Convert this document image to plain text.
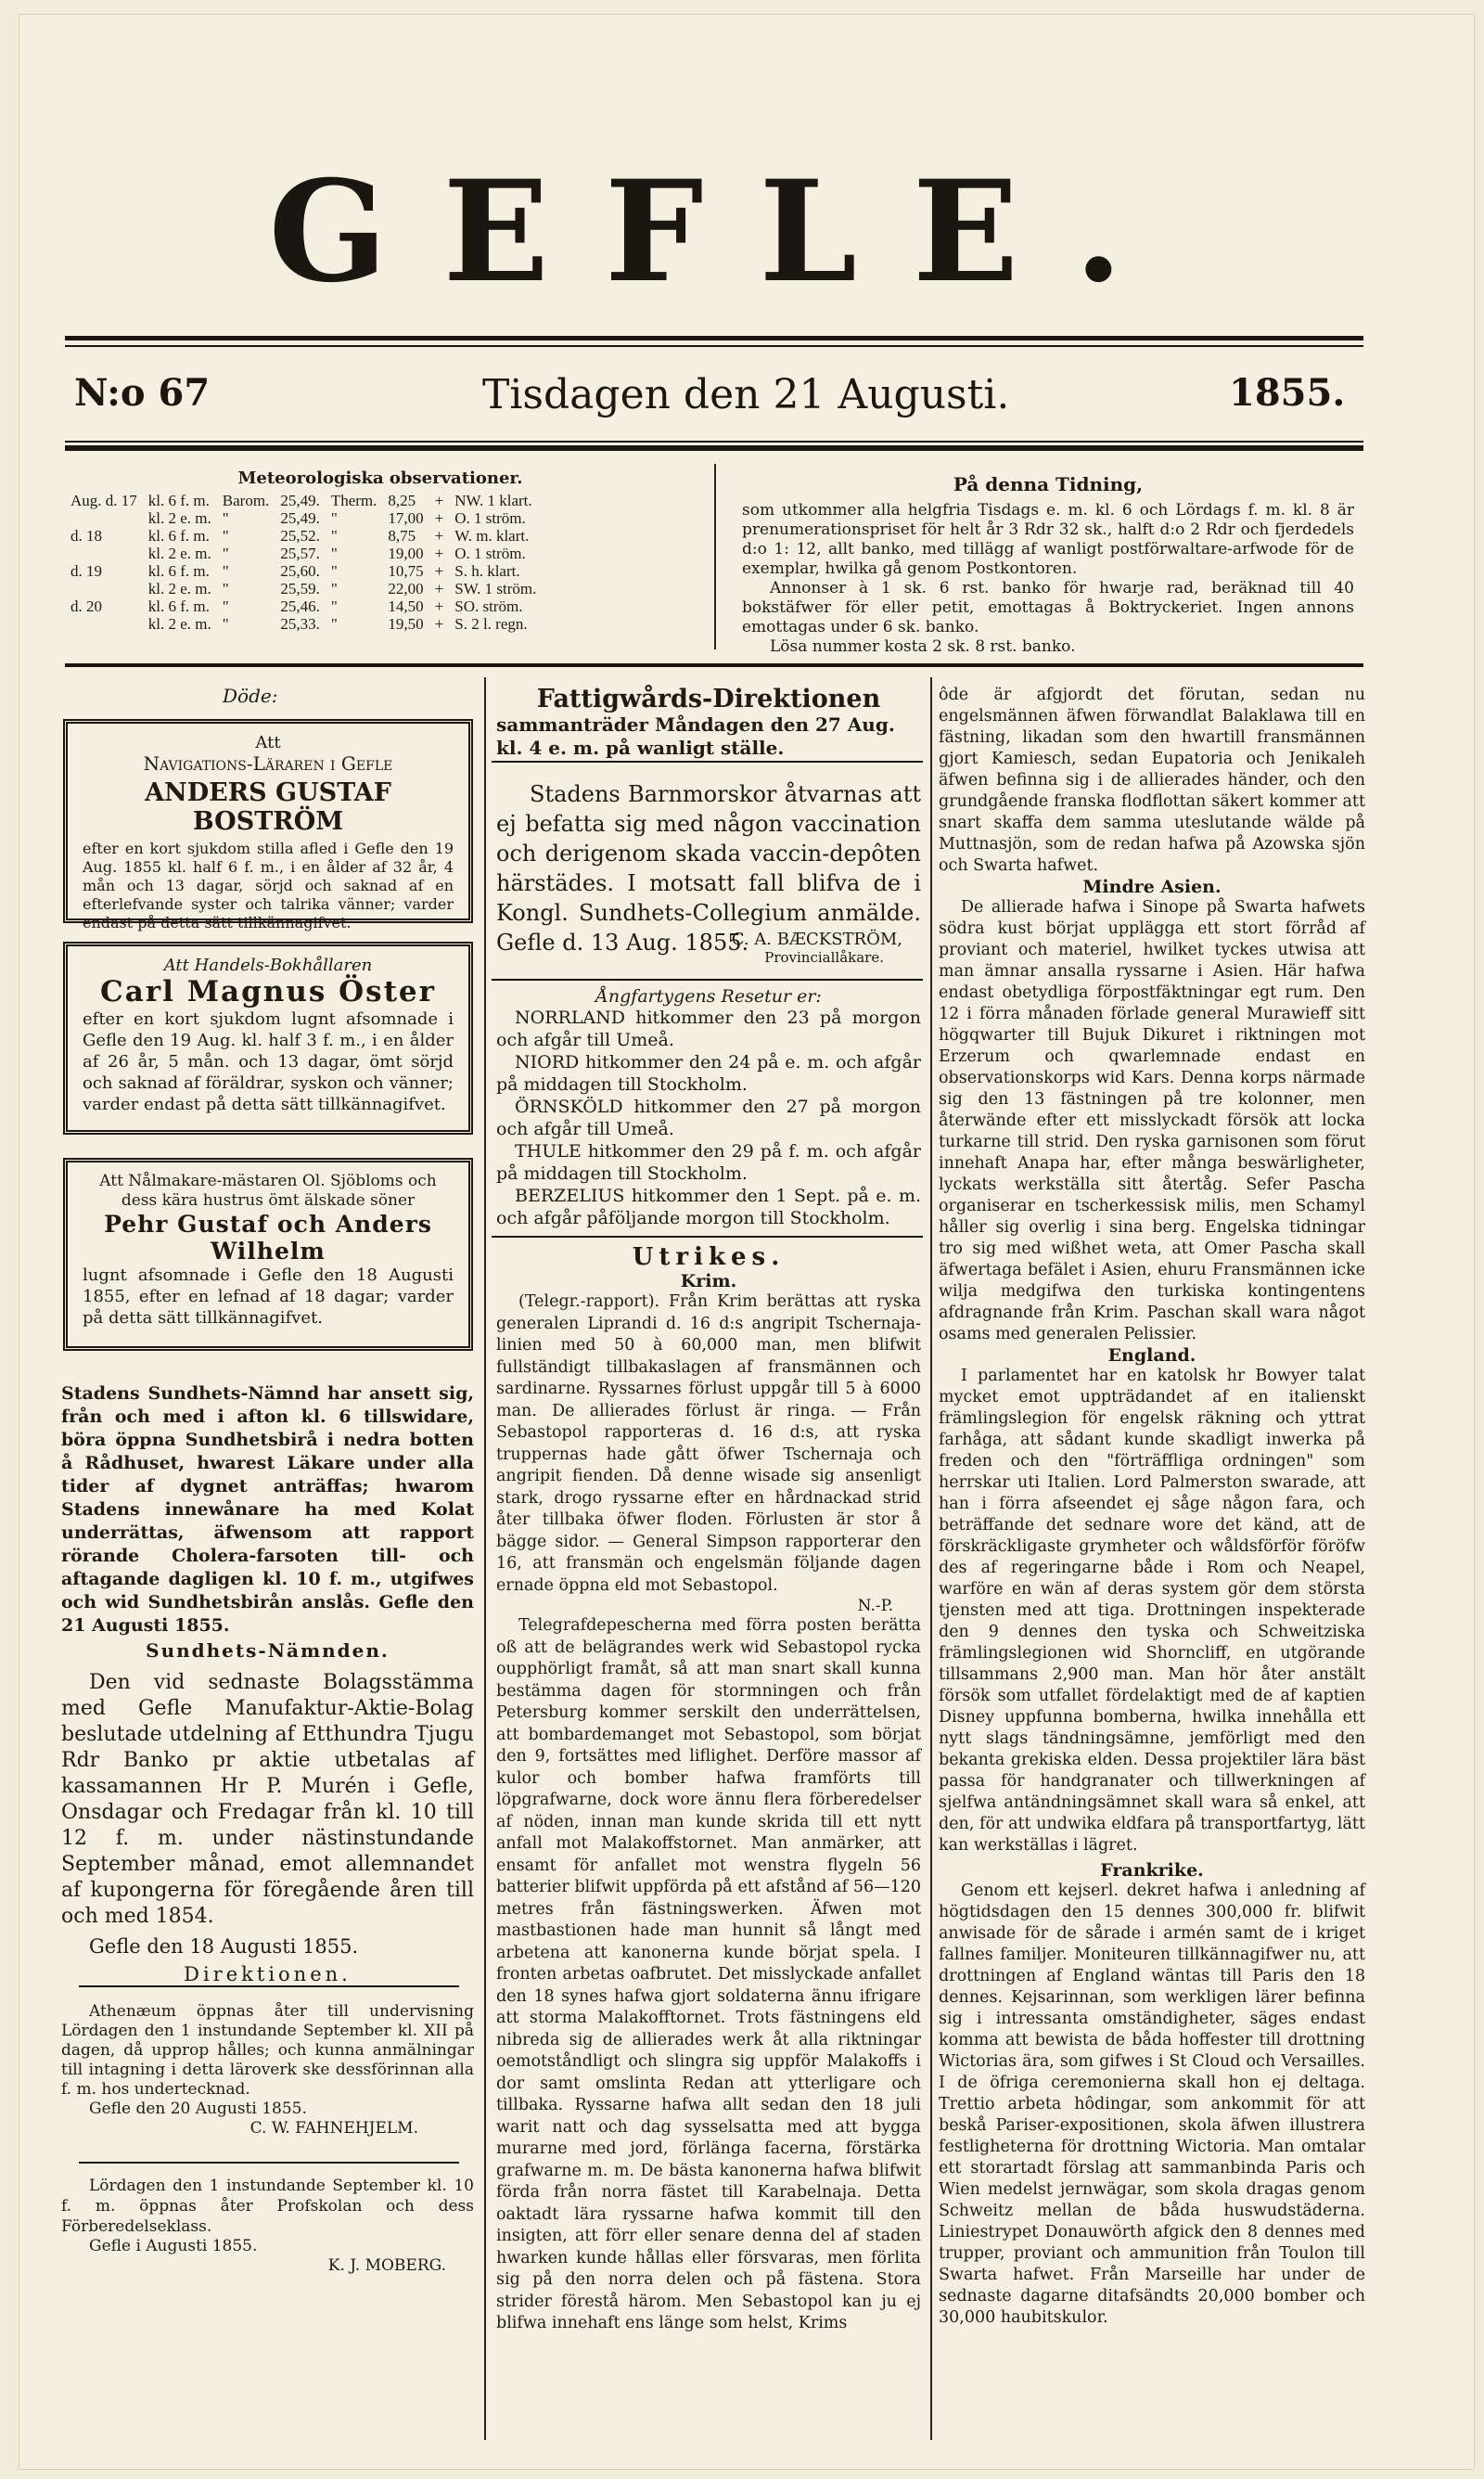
GEFLE.
N:o 67	Tisdagen den 21 Augusti.	1855.
Meteorologiska observationer.
Aug. d. 17	kl. 6 f. m.	Barom.	25,49.	Therm.	8,25	+	NW. 1 klart.
	kl. 2 e. m.	"	25,49.	"	17,00	+	O. 1 ström.
d. 18	kl. 6 f. m.	"	25,52.	"	8,75	+	W. m. klart.
	kl. 2 e. m.	"	25,57.	"	19,00	+	O. 1 ström.
d. 19	kl. 6 f. m.	"	25,60.	"	10,75	+	S. h. klart.
	kl. 2 e. m.	"	25,59.	"	22,00	+	SW. 1 ström.
d. 20	kl. 6 f. m.	"	25,46.	"	14,50	+	SO. ström.
	kl. 2 e. m.	"	25,33.	"	19,50	+	S. 2 l. regn.
På denna Tidning,
som utkommer alla helgfria Tisdags e. m. kl. 6 och Lördags f. m. kl. 8 är prenumerationspriset för helt år 3 Rdr 32 sk., halft d:o 2 Rdr och fjerdedels d:o 1: 12, allt banko, med tillägg af wanligt postförwaltare-arfwode för de exemplar, hwilka gå genom Postkontoren.
Annonser à 1 sk. 6 rst. banko för hwarje rad, beräknad till 40 bokstäfwer för eller petit, emottagas å Boktryckeriet. Ingen annons emottagas under 6 sk. banko.
Lösa nummer kosta 2 sk. 8 rst. banko.
Döde:
Att
Navigations-Läraren i Gefle
ANDERS GUSTAF BOSTRÖM
efter en kort sjukdom stilla afled i Gefle den 19 Aug. 1855 kl. half 6 f. m., i en ålder af 32 år, 4 mån och 13 dagar, sörjd och saknad af en efterlefvande syster och talrika vänner; varder endast på detta sätt tillkännagifvet.
Att Handels-Bokhållaren
Carl Magnus Öster
efter en kort sjukdom lugnt afsomnade i Gefle den 19 Aug. kl. half 3 f. m., i en ålder af 26 år, 5 mån. och 13 dagar, ömt sörjd och saknad af föräldrar, syskon och vänner; varder endast på detta sätt tillkännagifvet.
Att Nålmakare-mästaren Ol. Sjöbloms och dess kära hustrus ömt älskade söner
Pehr Gustaf och Anders Wilhelm
lugnt afsomnade i Gefle den 18 Augusti 1855, efter en lefnad af 18 dagar; varder på detta sätt tillkännagifvet.
Stadens Sundhets-Nämnd har ansett sig, från och med i afton kl. 6 tillswidare, böra öppna Sundhetsbirå i nedra botten å Rådhuset, hwarest Läkare under alla tider af dygnet anträffas; hwarom Stadens innewånare ha med Kolat underrättas, äfwensom att rapport rörande Cholera-farsoten till- och aftagande dagligen kl. 10 f. m., utgifwes och wid Sundhetsbirån anslås. Gefle den 21 Augusti 1855.
Sundhets-Nämnden.
Den vid sednaste Bolagsstämma med Gefle Manufaktur-Aktie-Bolag beslutade utdelning af Etthundra Tjugu Rdr Banko pr aktie utbetalas af kassamannen Hr P. Murén i Gefle, Onsdagar och Fredagar från kl. 10 till 12 f. m. under nästinstundande September månad, emot allemnandet af kupongerna för föregående åren till och med 1854.
Gefle den 18 Augusti 1855.
Direktionen.
Athenæum öppnas åter till undervisning Lördagen den 1 instundande September kl. XII på dagen, då upprop hålles; och kunna anmälningar till intagning i detta läroverk ske dessförinnan alla f. m. hos undertecknad.
Gefle den 20 Augusti 1855.
C. W. FAHNEHJELM.
Lördagen den 1 instundande September kl. 10 f. m. öppnas åter Profskolan och dess Förberedelseklass.
Gefle i Augusti 1855.
K. J. MOBERG.
Fattigwårds-Direktionen
sammanträder Måndagen den 27 Aug. kl. 4 e. m. på wanligt ställe.
Stadens Barnmorskor åtvarnas att ej befatta sig med någon vaccination och derigenom skada vaccin-depôten härstädes. I motsatt fall blifva de i Kongl. Sundhets-Collegium anmälde. Gefle d. 13 Aug. 1855.
C. A. BÆCKSTRÖM,
Provinciallåkare.
Ångfartygens Resetur er:
NORRLAND hitkommer den 23 på morgon och afgår till Umeå.
NIORD hitkommer den 24 på e. m. och afgår på middagen till Stockholm.
ÖRNSKÖLD hitkommer den 27 på morgon och afgår till Umeå.
THULE hitkommer den 29 på f. m. och afgår på middagen till Stockholm.
BERZELIUS hitkommer den 1 Sept. på e. m. och afgår påföljande morgon till Stockholm.
Utrikes.
Krim.
(Telegr.-rapport). Från Krim berättas att ryska generalen Liprandi d. 16 d:s angripit Tschernaja-linien med 50 à 60,000 man, men blifwit fullständigt tillbakaslagen af fransmännen och sardinarne. Ryssarnes förlust uppgår till 5 à 6000 man. De allierades förlust är ringa. — Från Sebastopol rapporteras d. 16 d:s, att ryska truppernas hade gått öfwer Tschernaja och angripit fienden. Då denne wisade sig ansenligt stark, drogo ryssarne efter en hårdnackad strid åter tillbaka öfwer floden. Förlusten är stor å bägge sidor. — General Simpson rapporterar den 16, att fransmän och engelsmän följande dagen ernade öppna eld mot Sebastopol.
N.-P.
Telegrafdepescherna med förra posten berätta oß att de belägrandes werk wid Sebastopol rycka oupphörligt framåt, så att man snart skall kunna bestämma dagen för stormningen och från Petersburg kommer serskilt den underrättelsen, att bombardemanget mot Sebastopol, som börjat den 9, fortsättes med liflighet. Derföre massor af kulor och bomber hafwa framförts till löpgrafwarne, dock wore ännu flera förberedelser af nöden, innan man kunde skrida till ett nytt anfall mot Malakoffstornet. Man anmärker, att ensamt för anfallet mot wenstra flygeln 56 batterier blifwit uppförda på ett afstånd af 56—120 metres från fästningswerken. Äfwen mot mastbastionen hade man hunnit så långt med arbetena att kanonerna kunde börjat spela. I fronten arbetas oafbrutet. Det misslyckade anfallet den 18 synes hafwa gjort soldaterna ännu ifrigare att storma Malakofftornet. Trots fästningens eld nibreda sig de allierades werk åt alla riktningar oemotståndligt och slingra sig uppför Malakoffs i dor samt omslinta Redan att ytterligare och tillbaka. Ryssarne hafwa allt sedan den 18 juli warit natt och dag sysselsatta med att bygga murarne med jord, förlänga facerna, förstärka grafwarne m. m. De bästa kanonerna hafwa blifwit förda från norra fästet till Karabelnaja. Detta oaktadt lära ryssarne hafwa kommit till den insigten, att förr eller senare denna del af staden hwarken kunde hållas eller försvaras, men förlita sig på den norra delen och på fästena. Stora strider förestå härom. Men Sebastopol kan ju ej blifwa innehaft ens länge som helst, Krims
ôde är afgjordt det förutan, sedan nu engelsmännen äfwen förwandlat Balaklawa till en fästning, likadan som den hwartill fransmännen gjort Kamiesch, sedan Eupatoria och Jenikaleh äfwen befinna sig i de allierades händer, och den grundgående franska flodflottan säkert kommer att snart skaffa dem samma uteslutande wälde på Muttnasjön, som de redan hafwa på Azowska sjön och Swarta hafwet.
Mindre Asien.
De allierade hafwa i Sinope på Swarta hafwets södra kust börjat upplägga ett stort förråd af proviant och materiel, hwilket tyckes utwisa att man ämnar ansalla ryssarne i Asien. Här hafwa endast obetydliga förpostfäktningar egt rum. Den 12 i förra månaden förlade general Murawieff sitt högqwarter till Bujuk Dikuret i riktningen mot Erzerum och qwarlemnade endast en observationskorps wid Kars. Denna korps närmade sig den 13 fästningen på tre kolonner, men återwände efter ett misslyckadt försök att locka turkarne till strid. Den ryska garnisonen som förut innehaft Anapa har, efter många beswärligheter, lyckats werkställa sitt återtåg. Sefer Pascha organiserar en tscherkessisk milis, men Schamyl håller sig overlig i sina berg. Engelska tidningar tro sig med wißhet weta, att Omer Pascha skall äfwertaga befälet i Asien, ehuru Fransmännen icke wilja medgifwa den turkiska kontingentens afdragnande från Krim. Paschan skall wara något osams med generalen Pelissier.
England.
I parlamentet har en katolsk hr Bowyer talat mycket emot uppträdandet af en italienskt främlingslegion för engelsk räkning och yttrat farhåga, att sådant kunde skadligt inwerka på freden och den "förträffliga ordningen" som herrskar uti Italien. Lord Palmerston swarade, att han i förra afseendet ej såge någon fara, och beträffande det sednare wore det känd, att de förskräckligaste grymheter och wåldsförför föröfw des af regeringarne både i Rom och Neapel, warföre en wän af deras system gör dem största tjensten med att tiga. Drottningen inspekterade den 9 dennes den tyska och Schweitziska främlingslegionen wid Shorncliff, en utgörande tillsammans 2,900 man. Man hör åter anstält försök som utfallet fördelaktigt med de af kaptien Disney uppfunna bomberna, hwilka innehålla ett nytt slags tändningsämne, jemförligt med den bekanta grekiska elden. Dessa projektiler lära bäst passa för handgranater och tillwerkningen af sjelfwa antändningsämnet skall wara så enkel, att den, för att undwika eldfara på transportfartyg, lätt kan werkställas i lägret.
Frankrike.
Genom ett kejserl. dekret hafwa i anledning af högtidsdagen den 15 dennes 300,000 fr. blifwit anwisade för de sårade i armén samt de i kriget fallnes familjer. Moniteuren tillkännagifwer nu, att drottningen af England wäntas till Paris den 18 dennes. Kejsarinnan, som werkligen lärer befinna sig i intressanta omständigheter, säges endast komma att bewista de båda hoffester till drottning Wictorias ära, som gifwes i St Cloud och Versailles. I de öfriga ceremonierna skall hon ej deltaga. Trettio arbeta hôdingar, som ankommit för att beskå Pariser-expositionen, skola äfwen illustrera festligheterna för drottning Wictoria. Man omtalar ett storartadt förslag att sammanbinda Paris och Wien medelst jernwägar, som skola dragas genom Schweitz mellan de båda huswudstäderna. Liniestrypet Donauwörth afgick den 8 dennes med trupper, proviant och ammunition från Toulon till Swarta hafwet. Från Marseille har under de sednaste dagarne ditafsändts 20,000 bomber och 30,000 haubitskulor.
